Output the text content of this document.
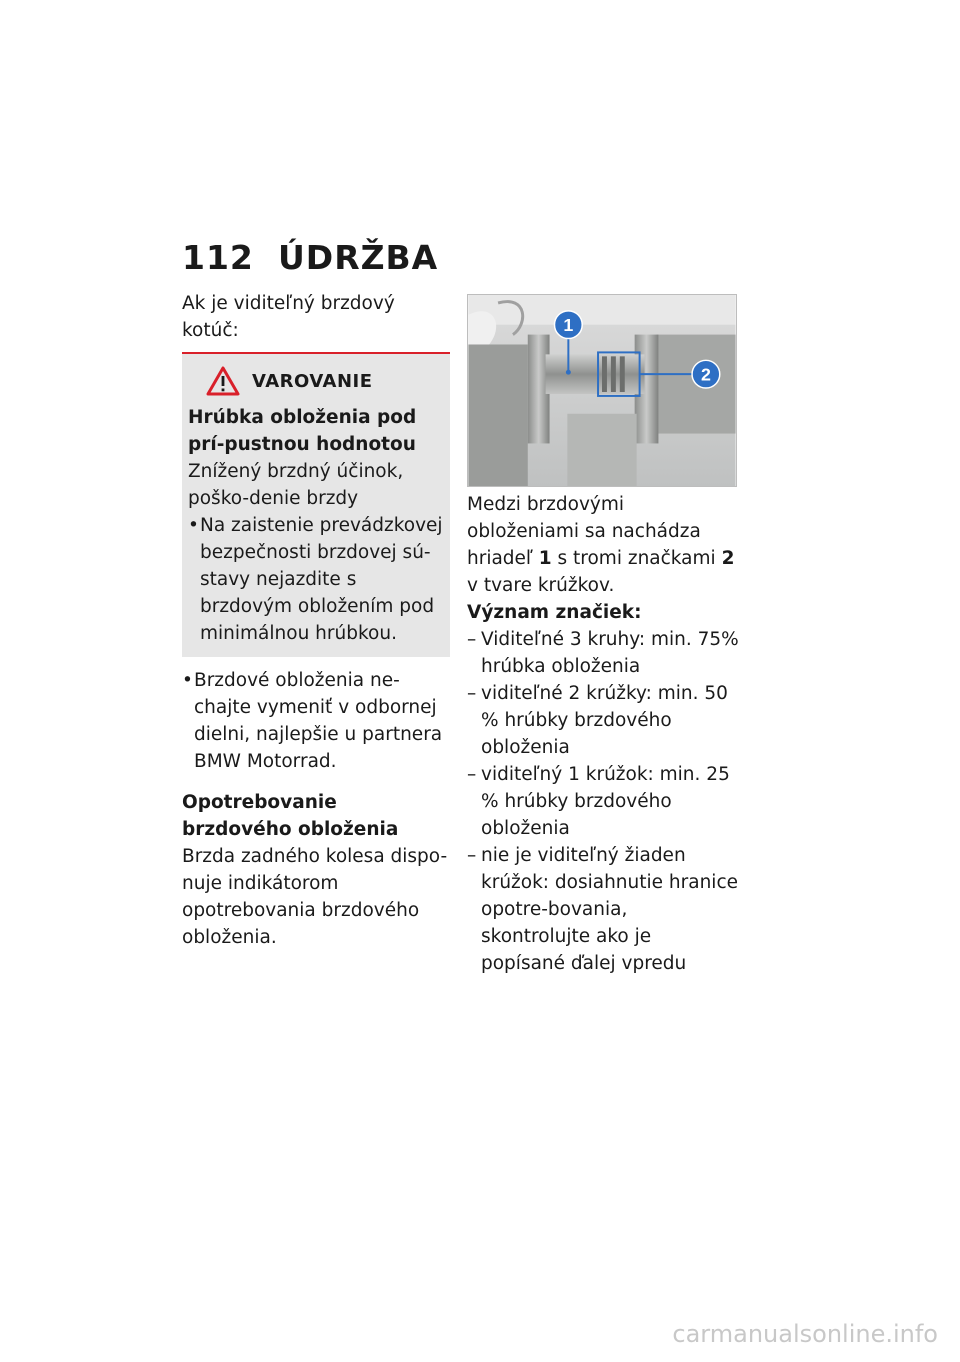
112 ÚDRŽBA
Ak je viditeľný brzdový kotúč:
VAROVANIE
Hrúbka obloženia pod prí-pustnou hodnotou
Znížený brzdný účinok, poško-denie brzdy
• Na zaistenie prevádzkovej bezpečnosti brzdovej sú-stavy nejazdite s brzdovým obložením pod minimálnou hrúbkou.
• Brzdové obloženia ne-chajte vymeniť v odbornej dielni, najlepšie u partnera BMW Motorrad.
Opotrebovanie brzdového obloženia
Brzda zadného kolesa dispo-nuje indikátorom opotrebovania brzdového obloženia.
1
2
Medzi brzdovými obloženiami sa nachádza hriadeľ 1 s tromi značkami 2 v tvare krúžkov.
Význam značiek:
– Viditeľné 3 kruhy: min. 75% hrúbka obloženia
– viditeľné 2 krúžky: min. 50 % hrúbky brzdového obloženia
– viditeľný 1 krúžok: min. 25 % hrúbky brzdového obloženia
– nie je viditeľný žiaden krúžok: dosiahnutie hranice opotre-bovania, skontrolujte ako je popísané ďalej vpredu
carmanualsonline.info
